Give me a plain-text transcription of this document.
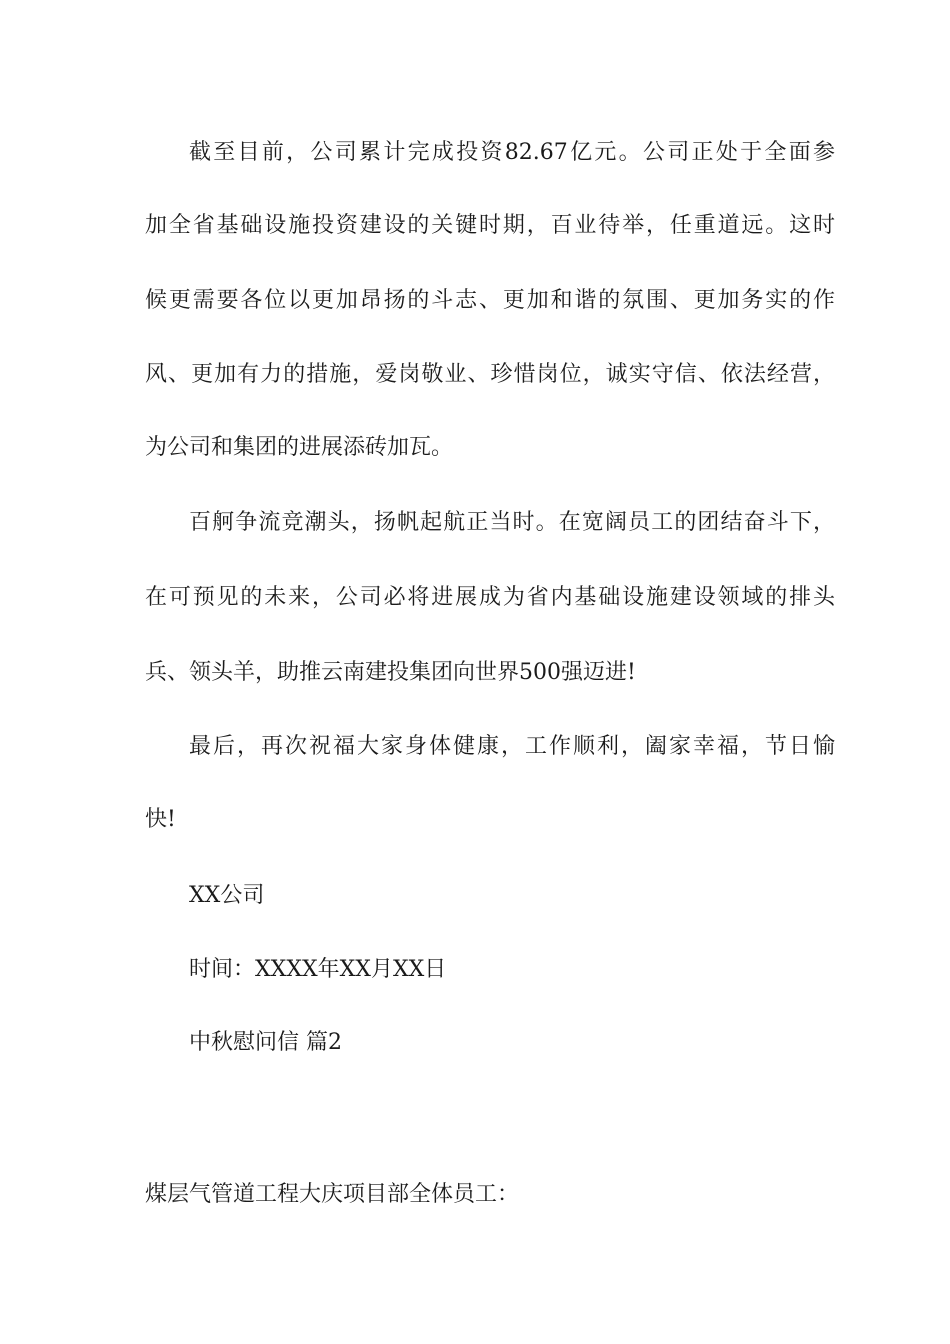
截至目前，公司累计完成投资82.67亿元。公司正处于全面参
加全省基础设施投资建设的关键时期，百业待举，任重道远。这时
候更需要各位以更加昂扬的斗志、更加和谐的氛围、更加务实的作
风、更加有力的措施，爱岗敬业、珍惜岗位，诚实守信、依法经营，
为公司和集团的进展添砖加瓦。
百舸争流竞潮头，扬帆起航正当时。在宽阔员工的团结奋斗下，
在可预见的未来，公司必将进展成为省内基础设施建设领域的排头
兵、领头羊，助推云南建投集团向世界500强迈进!
最后，再次祝福大家身体健康，工作顺利，阖家幸福，节日愉
快!
XX公司
时间：XXXX年XX月XX日
中秋慰问信 篇2
煤层气管道工程大庆项目部全体员工：
